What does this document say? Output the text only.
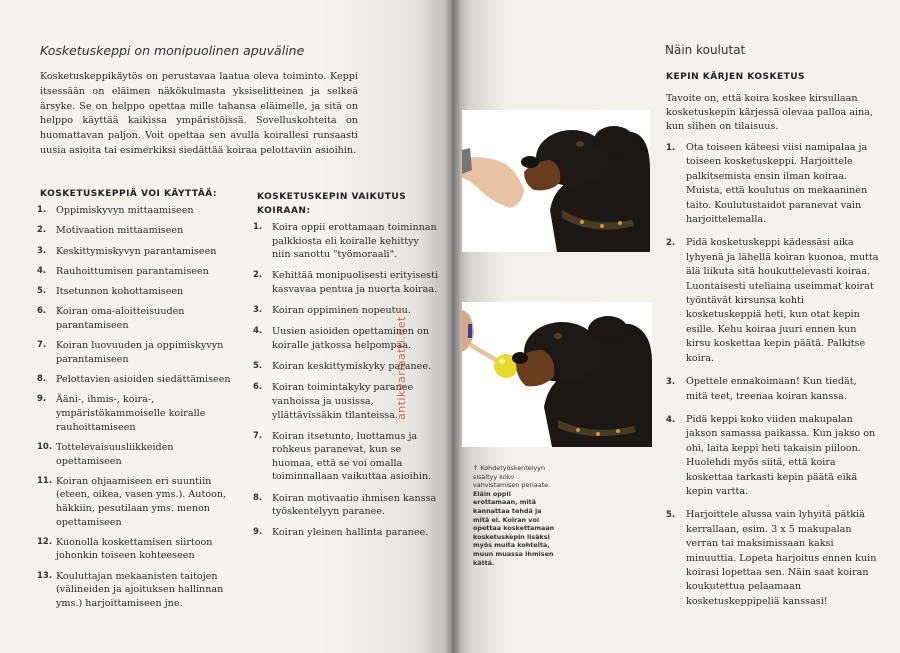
Kosketuskeppi on monipuolinen apuväline

Kosketuskeppikäytös on perustavaa laatua oleva toiminto. Keppi itsessään on eläimen näkökulmasta yksiselitteinen ja selkeä ärsyke. Se on helppo opettaa mille tahansa eläimelle, ja sitä on helppo käyttää kaikissa ympäristöissä. Sovelluskohteita on huomattavan paljon. Voit opettaa sen avulla koirallesi runsaasti uusia asioita tai esimerkiksi siedättää koiraa pelottaviin asioihin.

KOSKETUSKEPPIÄ VOI KÄYTTÄÄ:
1.	Oppimiskyvyn mittaamiseen
2.	Motivaation mittaamiseen
3.	Keskittymiskyvyn parantamiseen
4.	Rauhoittumisen parantamiseen
5.	Itsetunnon kohottamiseen
6.	Koiran oma-aloitteisuuden parantamiseen
7.	Koiran luovuuden ja oppimiskyvyn parantamiseen
8.	Pelottavien asioiden siedättämiseen
9.	Ääni-, ihmis-, koira-, ympäristökammoiselle koiralle rauhoittamiseen
10. Tottelevaisuusliikkeiden opettamiseen
11. Koiran ohjaamiseen eri suuntiin (eteen, oikea, vasen yms.). Autoon, häkkiin, pesutilaan yms. menon opettamiseen
12. Kuonolla koskettamisen siirtoon johonkin toiseen kohteeseen
13. Kouluttajan mekaanisten taitojen (välineiden ja ajoituksen hallinnan yms.) harjoittamiseen jne.
KOSKETUSKEPIN VAIKUTUS KOIRAAN:
1.	Koira oppii erottamaan toiminnan palkkiosta eli koiralle kehittyy niin sanottu "työmoraali".
2.	Kehittää monipuolisesti erityisesti kasvavaa pentua ja nuorta koiraa.
3.	Koiran oppiminen nopeutuu.
4.	Uusien asioiden opettaminen on koiralle jatkossa helpompaa.
5.	Koiran keskittymiskyky paranee.
6.	Koiran toimintakyky paranee vanhoissa ja uusissa, yllättävissäkin tilanteissa.
7.	Koiran itsetunto, luottamus ja rohkeus paranevat, kun se huomaa, että se voi omalla toiminnallaan vaikuttaa asioihin.
8.	Koiran motivaatio ihmisen kanssa työskentelyyn paranee.
9.	Koiran yleinen hallinta paranee.
antikvariaatti.net
Näin koulutat
KEPIN KÄRJEN KOSKETUS

Tavoite on, että koira koskee kirsullaan kosketuskepin kärjessä olevaa palloa aina, kun siihen on tilaisuus.

1.	Ota toiseen käteesi viisi namipalaa ja toiseen kosketuskeppi. Harjoittele palkitsemista ensin ilman koiraa. Muista, että koulutus on mekaaninen taito. Koulutustaidot paranevat vain harjoittelemalla.
2.	Pidä kosketuskeppi kädessäsi aika lyhyenä ja lähellä koiran kuonoa, mutta älä liikuta sitä houkuttelevasti koiraa. Luontaisesti uteliaina useimmat koirat työntävät kirsunsa kohti kosketuskeppiä heti, kun otat kepin esille. Kehu koiraa juuri ennen kun kirsu koskettaa kepin päätä. Palkitse koira.
3.	Opettele ennakoimaan! Kun tiedät, mitä teet, treenaa koiran kanssa.
4.	Pidä keppi koko viiden makupalan jakson samassa paikassa. Kun jakso on ohi, laita keppi heti takaisin piiloon. Huolehdi myös siitä, että koira koskettaa tarkasti kepin päätä eikä kepin varttа.
5.	Harjoittele alussa vain lyhyitä pätkiä kerrallaan, esim. 3 x 5 makupalan verran tai maksimissaan kaksi minuuttia. Lopeta harjoitus ennen kuin koirasi lopettaa sen. Näin saat koiran koukutettua pelaamaan kosketuskeppipeliä kanssasi!

↑ Kohdetyöskentelyyn sisältyy koko vahvistamisen periaate. Eläin oppii erottamaan, mitä kannattaa tehdä ja mitä ei. Koiran voi opettaa koskettamaan kosketuskepin lisäksi myös muita kohteita, muun muassa ihmisen kättä.
